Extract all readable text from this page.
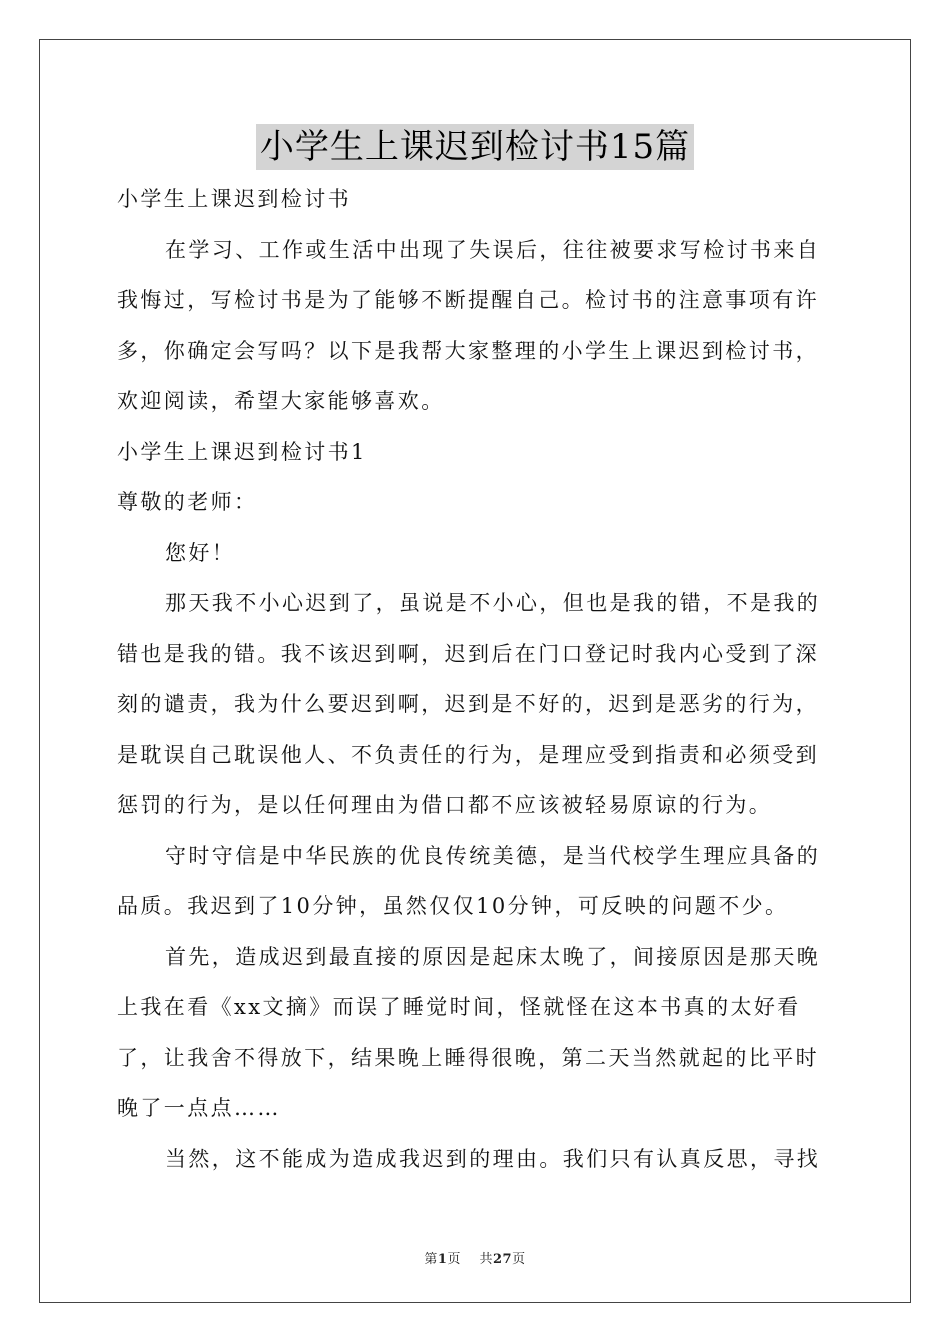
小学生上课迟到检讨书15篇
小学生上课迟到检讨书
在学习、工作或生活中出现了失误后，往往被要求写检讨书来自
我悔过，写检讨书是为了能够不断提醒自己。检讨书的注意事项有许
多，你确定会写吗？以下是我帮大家整理的小学生上课迟到检讨书，
欢迎阅读，希望大家能够喜欢。
小学生上课迟到检讨书1
尊敬的老师：
您好！
那天我不小心迟到了，虽说是不小心，但也是我的错，不是我的
错也是我的错。我不该迟到啊，迟到后在门口登记时我内心受到了深
刻的谴责，我为什么要迟到啊，迟到是不好的，迟到是恶劣的行为，
是耽误自己耽误他人、不负责任的行为，是理应受到指责和必须受到
惩罚的行为，是以任何理由为借口都不应该被轻易原谅的行为。
守时守信是中华民族的优良传统美德，是当代校学生理应具备的
品质。我迟到了10分钟，虽然仅仅10分钟，可反映的问题不少。
首先，造成迟到最直接的原因是起床太晚了，间接原因是那天晚
上我在看《xx文摘》而误了睡觉时间，怪就怪在这本书真的太好看
了，让我舍不得放下，结果晚上睡得很晚，第二天当然就起的比平时
晚了一点点……
当然，这不能成为造成我迟到的理由。我们只有认真反思，寻找
第1页 共27页
